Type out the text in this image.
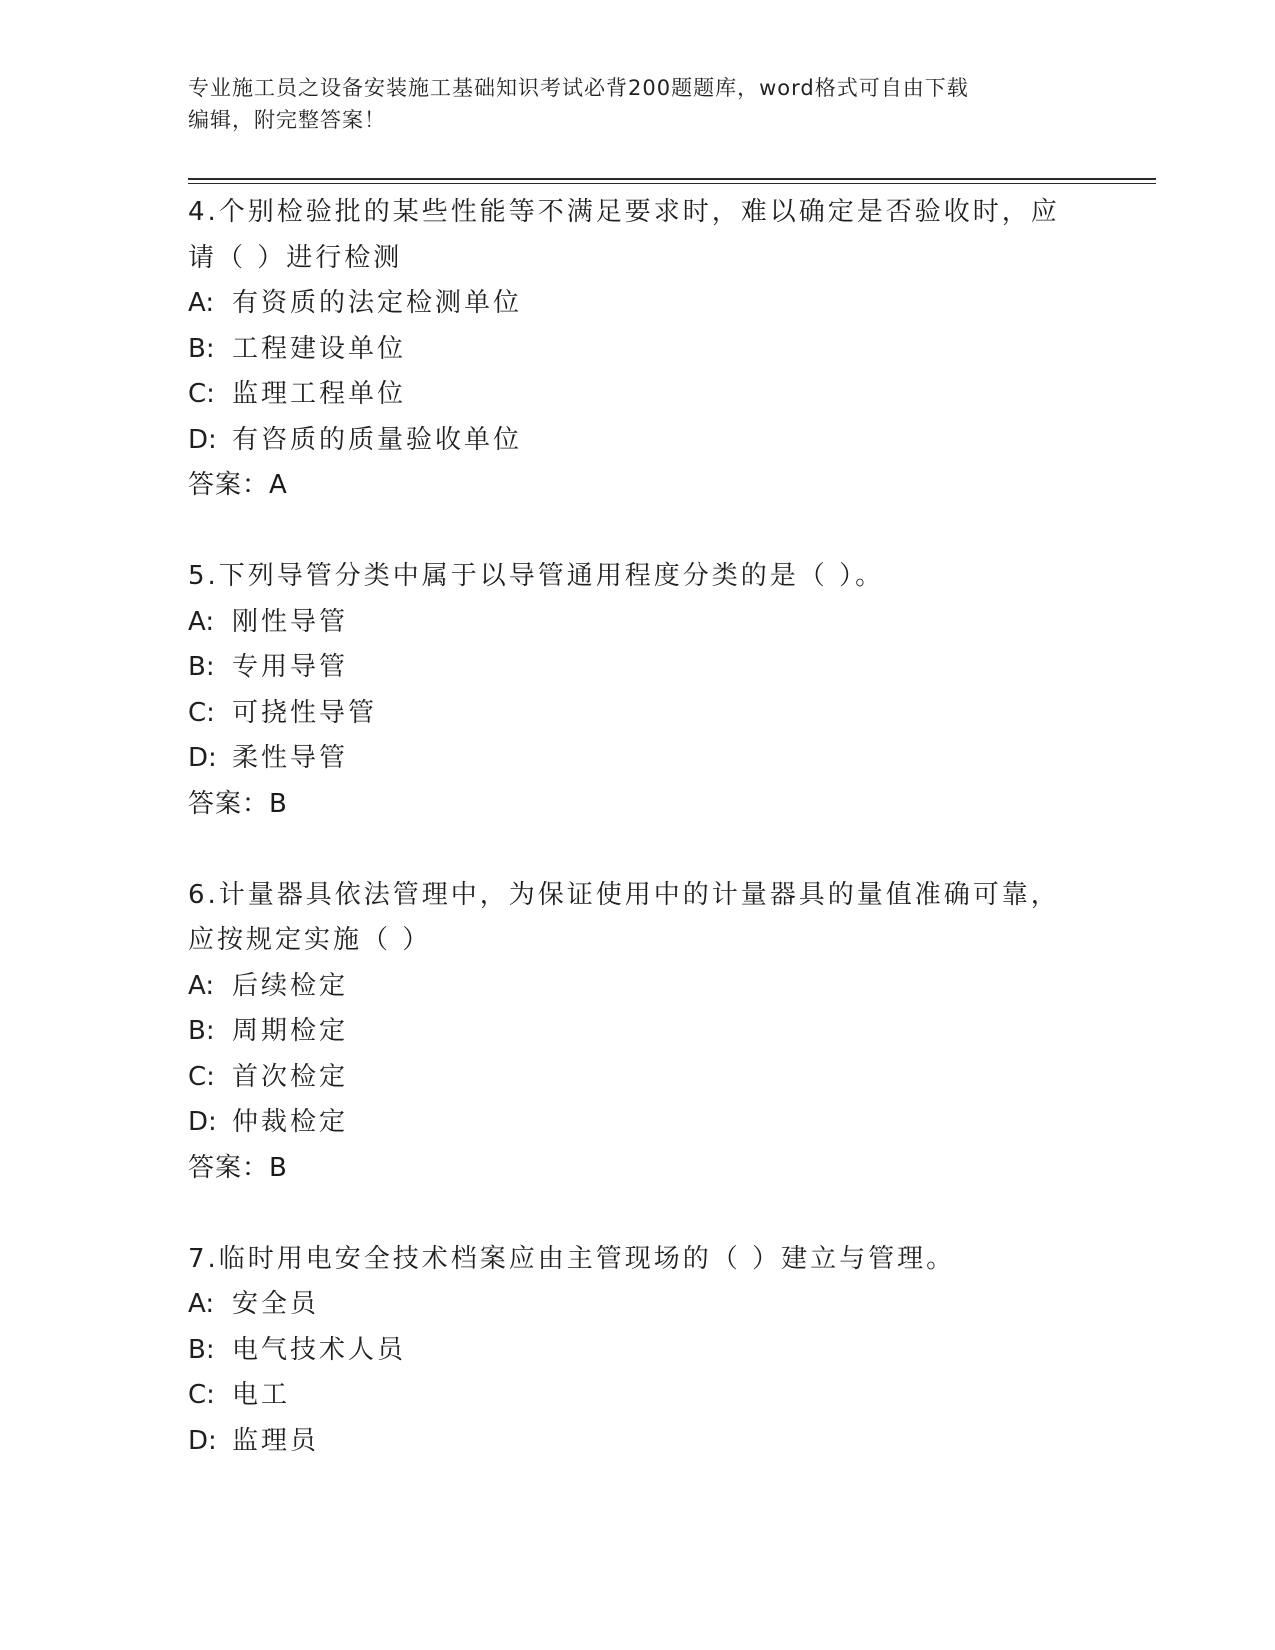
专业施工员之设备安装施工基础知识考试必背200题题库，word格式可自由下载
编辑，附完整答案！
4.个别检验批的某些性能等不满足要求时，难以确定是否验收时，应请（ ）进行检测
A: 有资质的法定检测单位
B: 工程建设单位
C: 监理工程单位
D: 有咨质的质量验收单位
答案：A
5.下列导管分类中属于以导管通用程度分类的是（ ）。
A: 刚性导管
B: 专用导管
C: 可挠性导管
D: 柔性导管
答案：B
6.计量器具依法管理中，为保证使用中的计量器具的量值准确可靠，应按规定实施（ ）
A: 后续检定
B: 周期检定
C: 首次检定
D: 仲裁检定
答案：B
7.临时用电安全技术档案应由主管现场的（ ）建立与管理。
A: 安全员
B: 电气技术人员
C: 电工
D: 监理员
